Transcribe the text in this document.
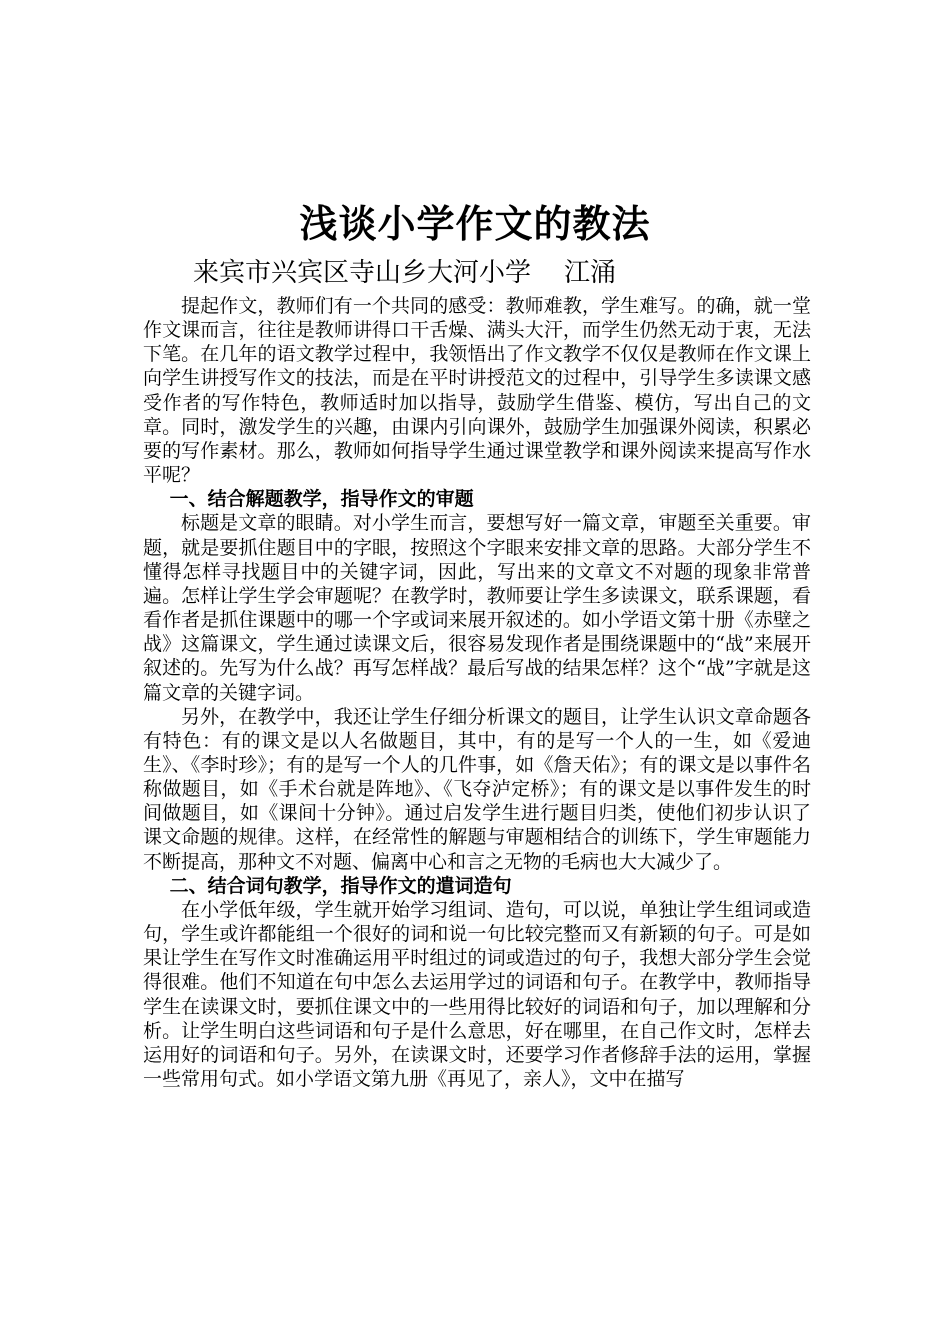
浅谈小学作文的教法
来宾市兴宾区寺山乡大河小学    江涌

提起作文，教师们有一个共同的感受：教师难教，学生难写。的确，就一堂作文课而言，往往是教师讲得口干舌燥、满头大汗，而学生仍然无动于衷，无法下笔。在几年的语文教学过程中，我领悟出了作文教学不仅仅是教师在作文课上向学生讲授写作文的技法，而是在平时讲授范文的过程中，引导学生多读课文感受作者的写作特色，教师适时加以指导，鼓励学生借鉴、模仿，写出自己的文章。同时，激发学生的兴趣，由课内引向课外，鼓励学生加强课外阅读，积累必要的写作素材。那么，教师如何指导学生通过课堂教学和课外阅读来提高写作水平呢？

一、结合解题教学，指导作文的审题

标题是文章的眼睛。对小学生而言，要想写好一篇文章，审题至关重要。审题，就是要抓住题目中的字眼，按照这个字眼来安排文章的思路。大部分学生不懂得怎样寻找题目中的关键字词，因此，写出来的文章文不对题的现象非常普遍。怎样让学生学会审题呢？在教学时，教师要让学生多读课文，联系课题，看看作者是抓住课题中的哪一个字或词来展开叙述的。如小学语文第十册《赤壁之战》这篇课文，学生通过读课文后，很容易发现作者是围绕课题中的“战”来展开叙述的。先写为什么战？再写怎样战？最后写战的结果怎样？这个“战”字就是这篇文章的关键字词。

另外，在教学中，我还让学生仔细分析课文的题目，让学生认识文章命题各有特色：有的课文是以人名做题目，其中，有的是写一个人的一生，如《爱迪生》、《李时珍》；有的是写一个人的几件事，如《詹天佑》；有的课文是以事件名称做题目，如《手术台就是阵地》、《飞夺泸定桥》；有的课文是以事件发生的时间做题目，如《课间十分钟》。通过启发学生进行题目归类，使他们初步认识了课文命题的规律。这样，在经常性的解题与审题相结合的训练下，学生审题能力不断提高，那种文不对题、偏离中心和言之无物的毛病也大大减少了。

二、结合词句教学，指导作文的遣词造句

在小学低年级，学生就开始学习组词、造句，可以说，单独让学生组词或造句，学生或许都能组一个很好的词和说一句比较完整而又有新颖的句子。可是如果让学生在写作文时准确运用平时组过的词或造过的句子，我想大部分学生会觉得很难。他们不知道在句中怎么去运用学过的词语和句子。在教学中，教师指导学生在读课文时，要抓住课文中的一些用得比较好的词语和句子，加以理解和分析。让学生明白这些词语和句子是什么意思，好在哪里，在自己作文时，怎样去运用好的词语和句子。另外，在读课文时，还要学习作者修辞手法的运用，掌握一些常用句式。如小学语文第九册《再见了，亲人》，文中在描写
